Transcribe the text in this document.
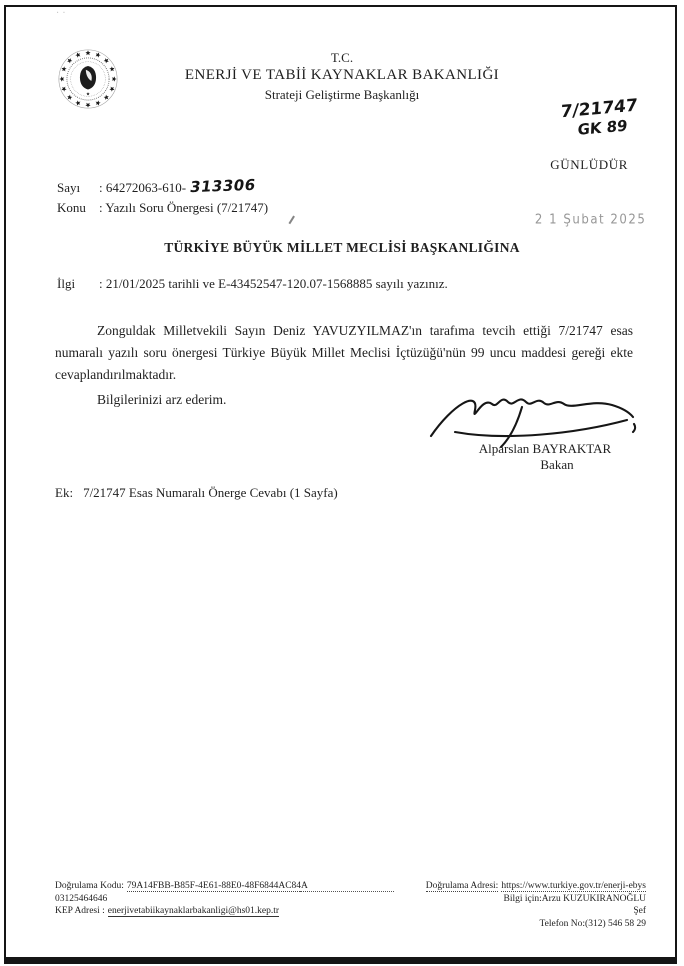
· ·
T.C.
ENERJİ VE TABİİ KAYNAKLAR BAKANLIĞI
Strateji Geliştirme Başkanlığı
7/21747
GK 89
GÜNLÜDÜR
Sayı : 64272063-610- 313306
Konu : Yazılı Soru Önergesi (7/21747)
2 1 Şubat 2025
TÜRKİYE BÜYÜK MİLLET MECLİSİ BAŞKANLIĞINA
İlgi : 21/01/2025 tarihli ve E-43452547-120.07-1568885 sayılı yazınız.
Zonguldak Milletvekili Sayın Deniz YAVUZYILMAZ'ın tarafıma tevcih ettiği 7/21747 esas numaralı yazılı soru önergesi Türkiye Büyük Millet Meclisi İçtüzüğü'nün 99 uncu maddesi gereği ekte cevaplandırılmaktadır.
Bilgilerinizi arz ederim.
Alparslan BAYRAKTAR
Bakan
Ek: 7/21747 Esas Numaralı Önerge Cevabı (1 Sayfa)
Doğrulama Kodu: 79A14FBB-B85F-4E61-88E0-48F6844AC84A
03125464646
KEP Adresi : enerjivetabiikaynaklarbakanligi@hs01.kep.tr
Doğrulama Adresi: https://www.turkiye.gov.tr/enerji-ebys
Bilgi için:Arzu KUZUKIRANOĞLU
Şef
Telefon No:(312) 546 58 29
